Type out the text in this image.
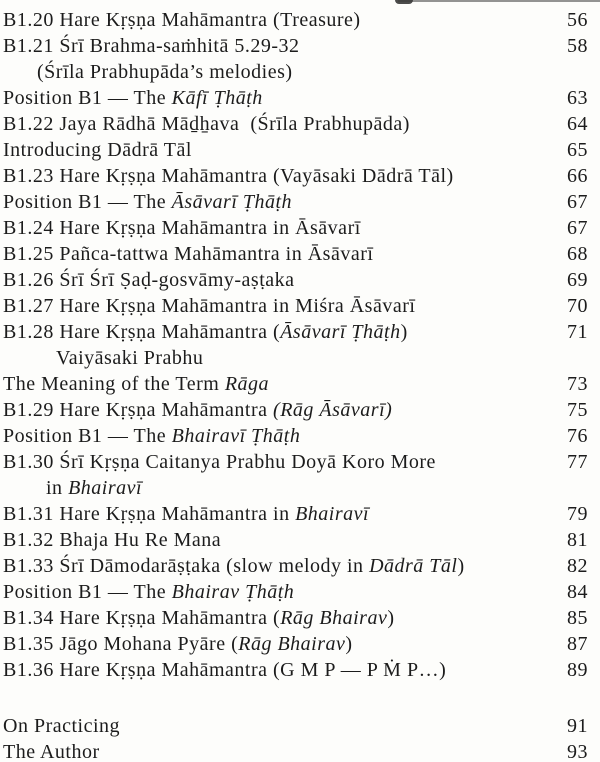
B1.20 Hare Kṛṣṇa Mahāmantra (Treasure)	56
B1.21 Śrī Brahma-saṁhitā 5.29-32	58
(Śrīla Prabhupāda’s melodies)
Position B1 — The Kāfī Ṭhāṭh	63
B1.22 Jaya Rādhā Māḏẖava  (Śrīla Prabhupāda)	64
Introducing Dādrā Tāl	65
B1.23 Hare Kṛṣṇa Mahāmantra (Vayāsaki Dādrā Tāl)	66
Position B1 — The Āsāvarī Ṭhāṭh	67
B1.24 Hare Kṛṣṇa Mahāmantra in Āsāvarī	67
B1.25 Pañca-tattwa Mahāmantra in Āsāvarī	68
B1.26 Śrī Śrī Ṣaḍ-gosvāmy-aṣṭaka	69
B1.27 Hare Kṛṣṇa Mahāmantra in Miśra Āsāvarī	70
B1.28 Hare Kṛṣṇa Mahāmantra (Āsāvarī Ṭhāṭh)	71
Vaiyāsaki Prabhu
The Meaning of the Term Rāga	73
B1.29 Hare Kṛṣṇa Mahāmantra (Rāg Āsāvarī)	75
Position B1 — The Bhairavī Ṭhāṭh	76
B1.30 Śrī Kṛṣṇa Caitanya Prabhu Doyā Koro More	77
in Bhairavī
B1.31 Hare Kṛṣṇa Mahāmantra in Bhairavī	79
B1.32 Bhaja Hu Re Mana	81
B1.33 Śrī Dāmodarāṣṭaka (slow melody in Dādrā Tāl)	82
Position B1 — The Bhairav Ṭhāṭh	84
B1.34 Hare Kṛṣṇa Mahāmantra (Rāg Bhairav)	85
B1.35 Jāgo Mohana Pyāre (Rāg Bhairav)	87
B1.36 Hare Kṛṣṇa Mahāmantra (G M P — P Ṁ P…)	89
On Practicing	91
The Author	93
